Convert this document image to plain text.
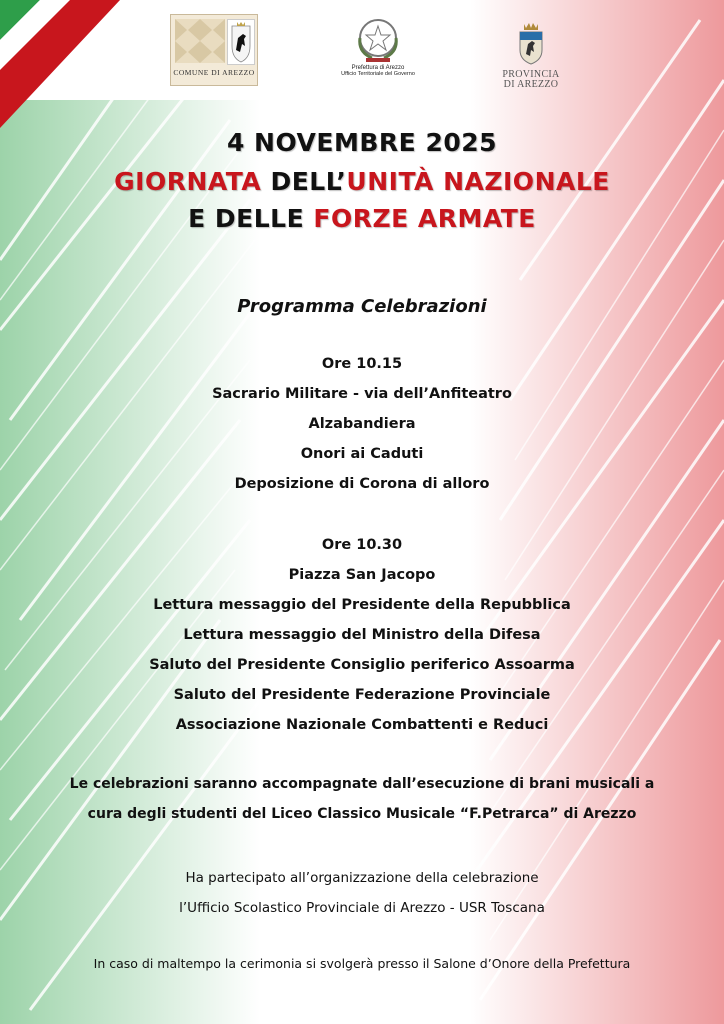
COMUNE DI AREZZO	Prefettura di Arezzo
Ufficio Territoriale del Governo	PROVINCIA
DI AREZZO
4 NOVEMBRE 2025
GIORNATA DELL’UNITÀ NAZIONALE
E DELLE FORZE ARMATE
Programma Celebrazioni
Ore 10.15
Sacrario Militare - via dell’Anfiteatro
Alzabandiera
Onori ai Caduti
Deposizione di Corona di alloro
Ore 10.30
Piazza San Jacopo
Lettura messaggio del Presidente della Repubblica
Lettura messaggio del Ministro della Difesa
Saluto del Presidente Consiglio periferico Assoarma
Saluto del Presidente Federazione Provinciale
Associazione Nazionale Combattenti e Reduci
Le celebrazioni saranno accompagnate dall’esecuzione di brani musicali a
cura degli studenti del Liceo Classico Musicale “F.Petrarca” di Arezzo
Ha partecipato all’organizzazione della celebrazione
l’Ufficio Scolastico Provinciale di Arezzo - USR Toscana
In caso di maltempo la cerimonia si svolgerà presso il Salone d’Onore della Prefettura
